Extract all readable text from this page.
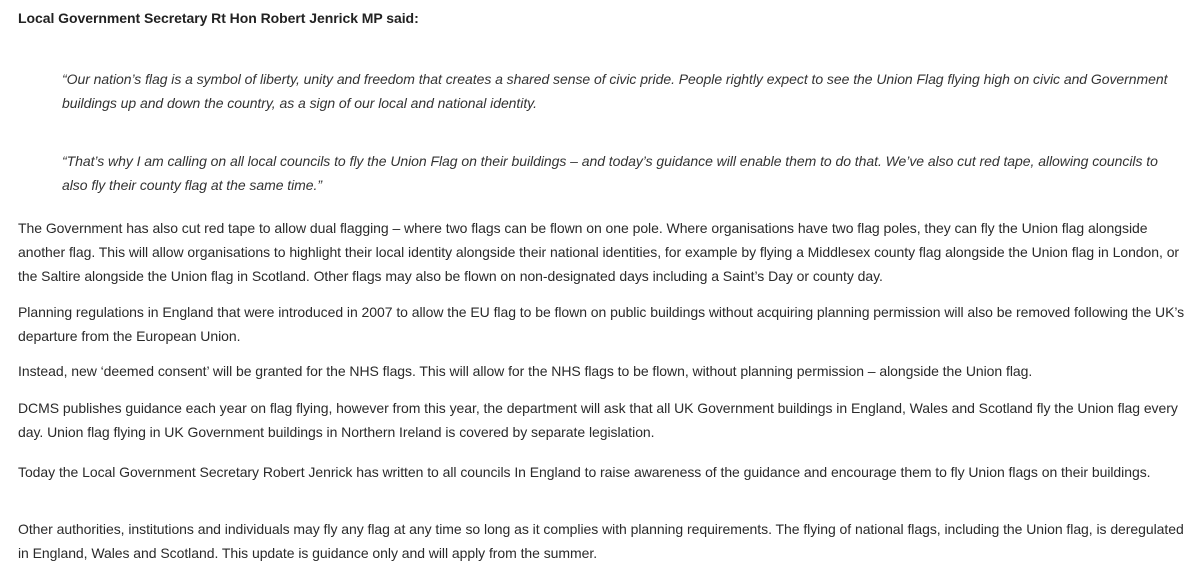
Local Government Secretary Rt Hon Robert Jenrick MP said:

“Our nation’s flag is a symbol of liberty, unity and freedom that creates a shared sense of civic pride. People rightly expect to see the Union Flag flying high on civic and Government buildings up and down the country, as a sign of our local and national identity.

“That’s why I am calling on all local councils to fly the Union Flag on their buildings – and today’s guidance will enable them to do that. We’ve also cut red tape, allowing councils to also fly their county flag at the same time.”

The Government has also cut red tape to allow dual flagging – where two flags can be flown on one pole. Where organisations have two flag poles, they can fly the Union flag alongside another flag. This will allow organisations to highlight their local identity alongside their national identities, for example by flying a Middlesex county flag alongside the Union flag in London, or the Saltire alongside the Union flag in Scotland. Other flags may also be flown on non-designated days including a Saint’s Day or county day.

Planning regulations in England that were introduced in 2007 to allow the EU flag to be flown on public buildings without acquiring planning permission will also be removed following the UK’s departure from the European Union.

Instead, new ‘deemed consent’ will be granted for the NHS flags. This will allow for the NHS flags to be flown, without planning permission – alongside the Union flag.

DCMS publishes guidance each year on flag flying, however from this year, the department will ask that all UK Government buildings in England, Wales and Scotland fly the Union flag every day. Union flag flying in UK Government buildings in Northern Ireland is covered by separate legislation.

Today the Local Government Secretary Robert Jenrick has written to all councils In England to raise awareness of the guidance and encourage them to fly Union flags on their buildings.

Other authorities, institutions and individuals may fly any flag at any time so long as it complies with planning requirements. The flying of national flags, including the Union flag, is deregulated in England, Wales and Scotland. This update is guidance only and will apply from the summer.
